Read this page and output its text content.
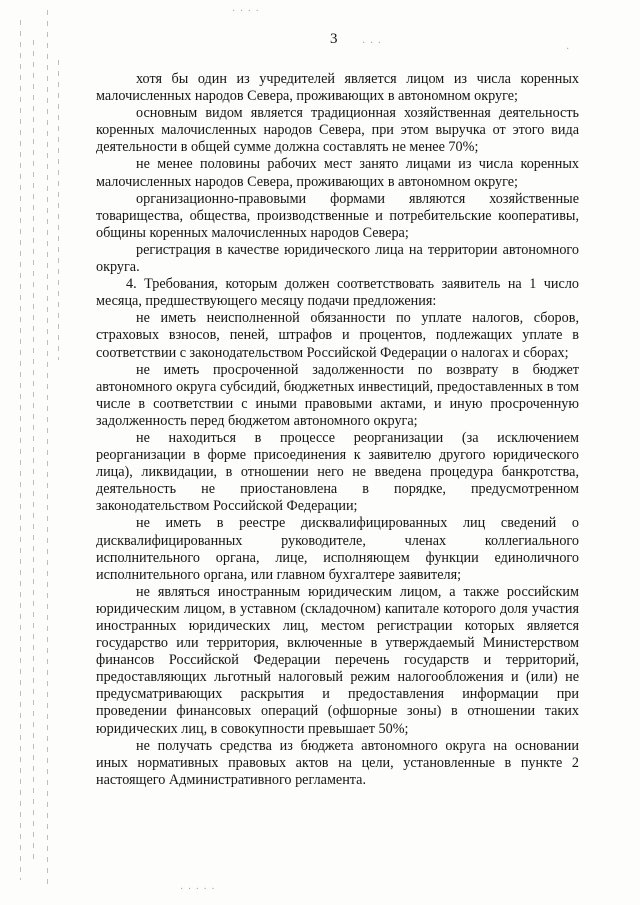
· · · ·
· · ·
·
· · · · ·
3

хотя бы один из учредителей является лицом из числа коренных малочисленных народов Севера, проживающих в автономном округе;

основным видом является традиционная хозяйственная деятельность коренных малочисленных народов Севера, при этом выручка от этого вида деятельности в общей сумме должна составлять не менее 70%;

не менее половины рабочих мест занято лицами из числа коренных малочисленных народов Севера, проживающих в автономном округе;

организационно-правовыми формами являются хозяйственные товарищества, общества, производственные и потребительские кооперативы, общины коренных малочисленных народов Севера;

регистрация в качестве юридического лица на территории автономного округа.

4. Требования, которым должен соответствовать заявитель на 1 число месяца, предшествующего месяцу подачи предложения:

не иметь неисполненной обязанности по уплате налогов, сборов, страховых взносов, пеней, штрафов и процентов, подлежащих уплате в соответствии с законодательством Российской Федерации о налогах и сборах;

не иметь просроченной задолженности по возврату в бюджет автономного округа субсидий, бюджетных инвестиций, предоставленных в том числе в соответствии с иными правовыми актами, и иную просроченную задолженность перед бюджетом автономного округа;

не находиться в процессе реорганизации (за исключением реорганизации в форме присоединения к заявителю другого юридического лица), ликвидации, в отношении него не введена процедура банкротства, деятельность не приостановлена в порядке, предусмотренном законодательством Российской Федерации;

не иметь в реестре дисквалифицированных лиц сведений о дисквалифицированных руководителе, членах коллегиального исполнительного органа, лице, исполняющем функции единоличного исполнительного органа, или главном бухгалтере заявителя;

не являться иностранным юридическим лицом, а также российским юридическим лицом, в уставном (складочном) капитале которого доля участия иностранных юридических лиц, местом регистрации которых является государство или территория, включенные в утверждаемый Министерством финансов Российской Федерации перечень государств и территорий, предоставляющих льготный налоговый режим налогообложения и (или) не предусматривающих раскрытия и предоставления информации при проведении финансовых операций (офшорные зоны) в отношении таких юридических лиц, в совокупности превышает 50%;

не получать средства из бюджета автономного округа на основании иных нормативных правовых актов на цели, установленные в пункте 2 настоящего Административного регламента.
